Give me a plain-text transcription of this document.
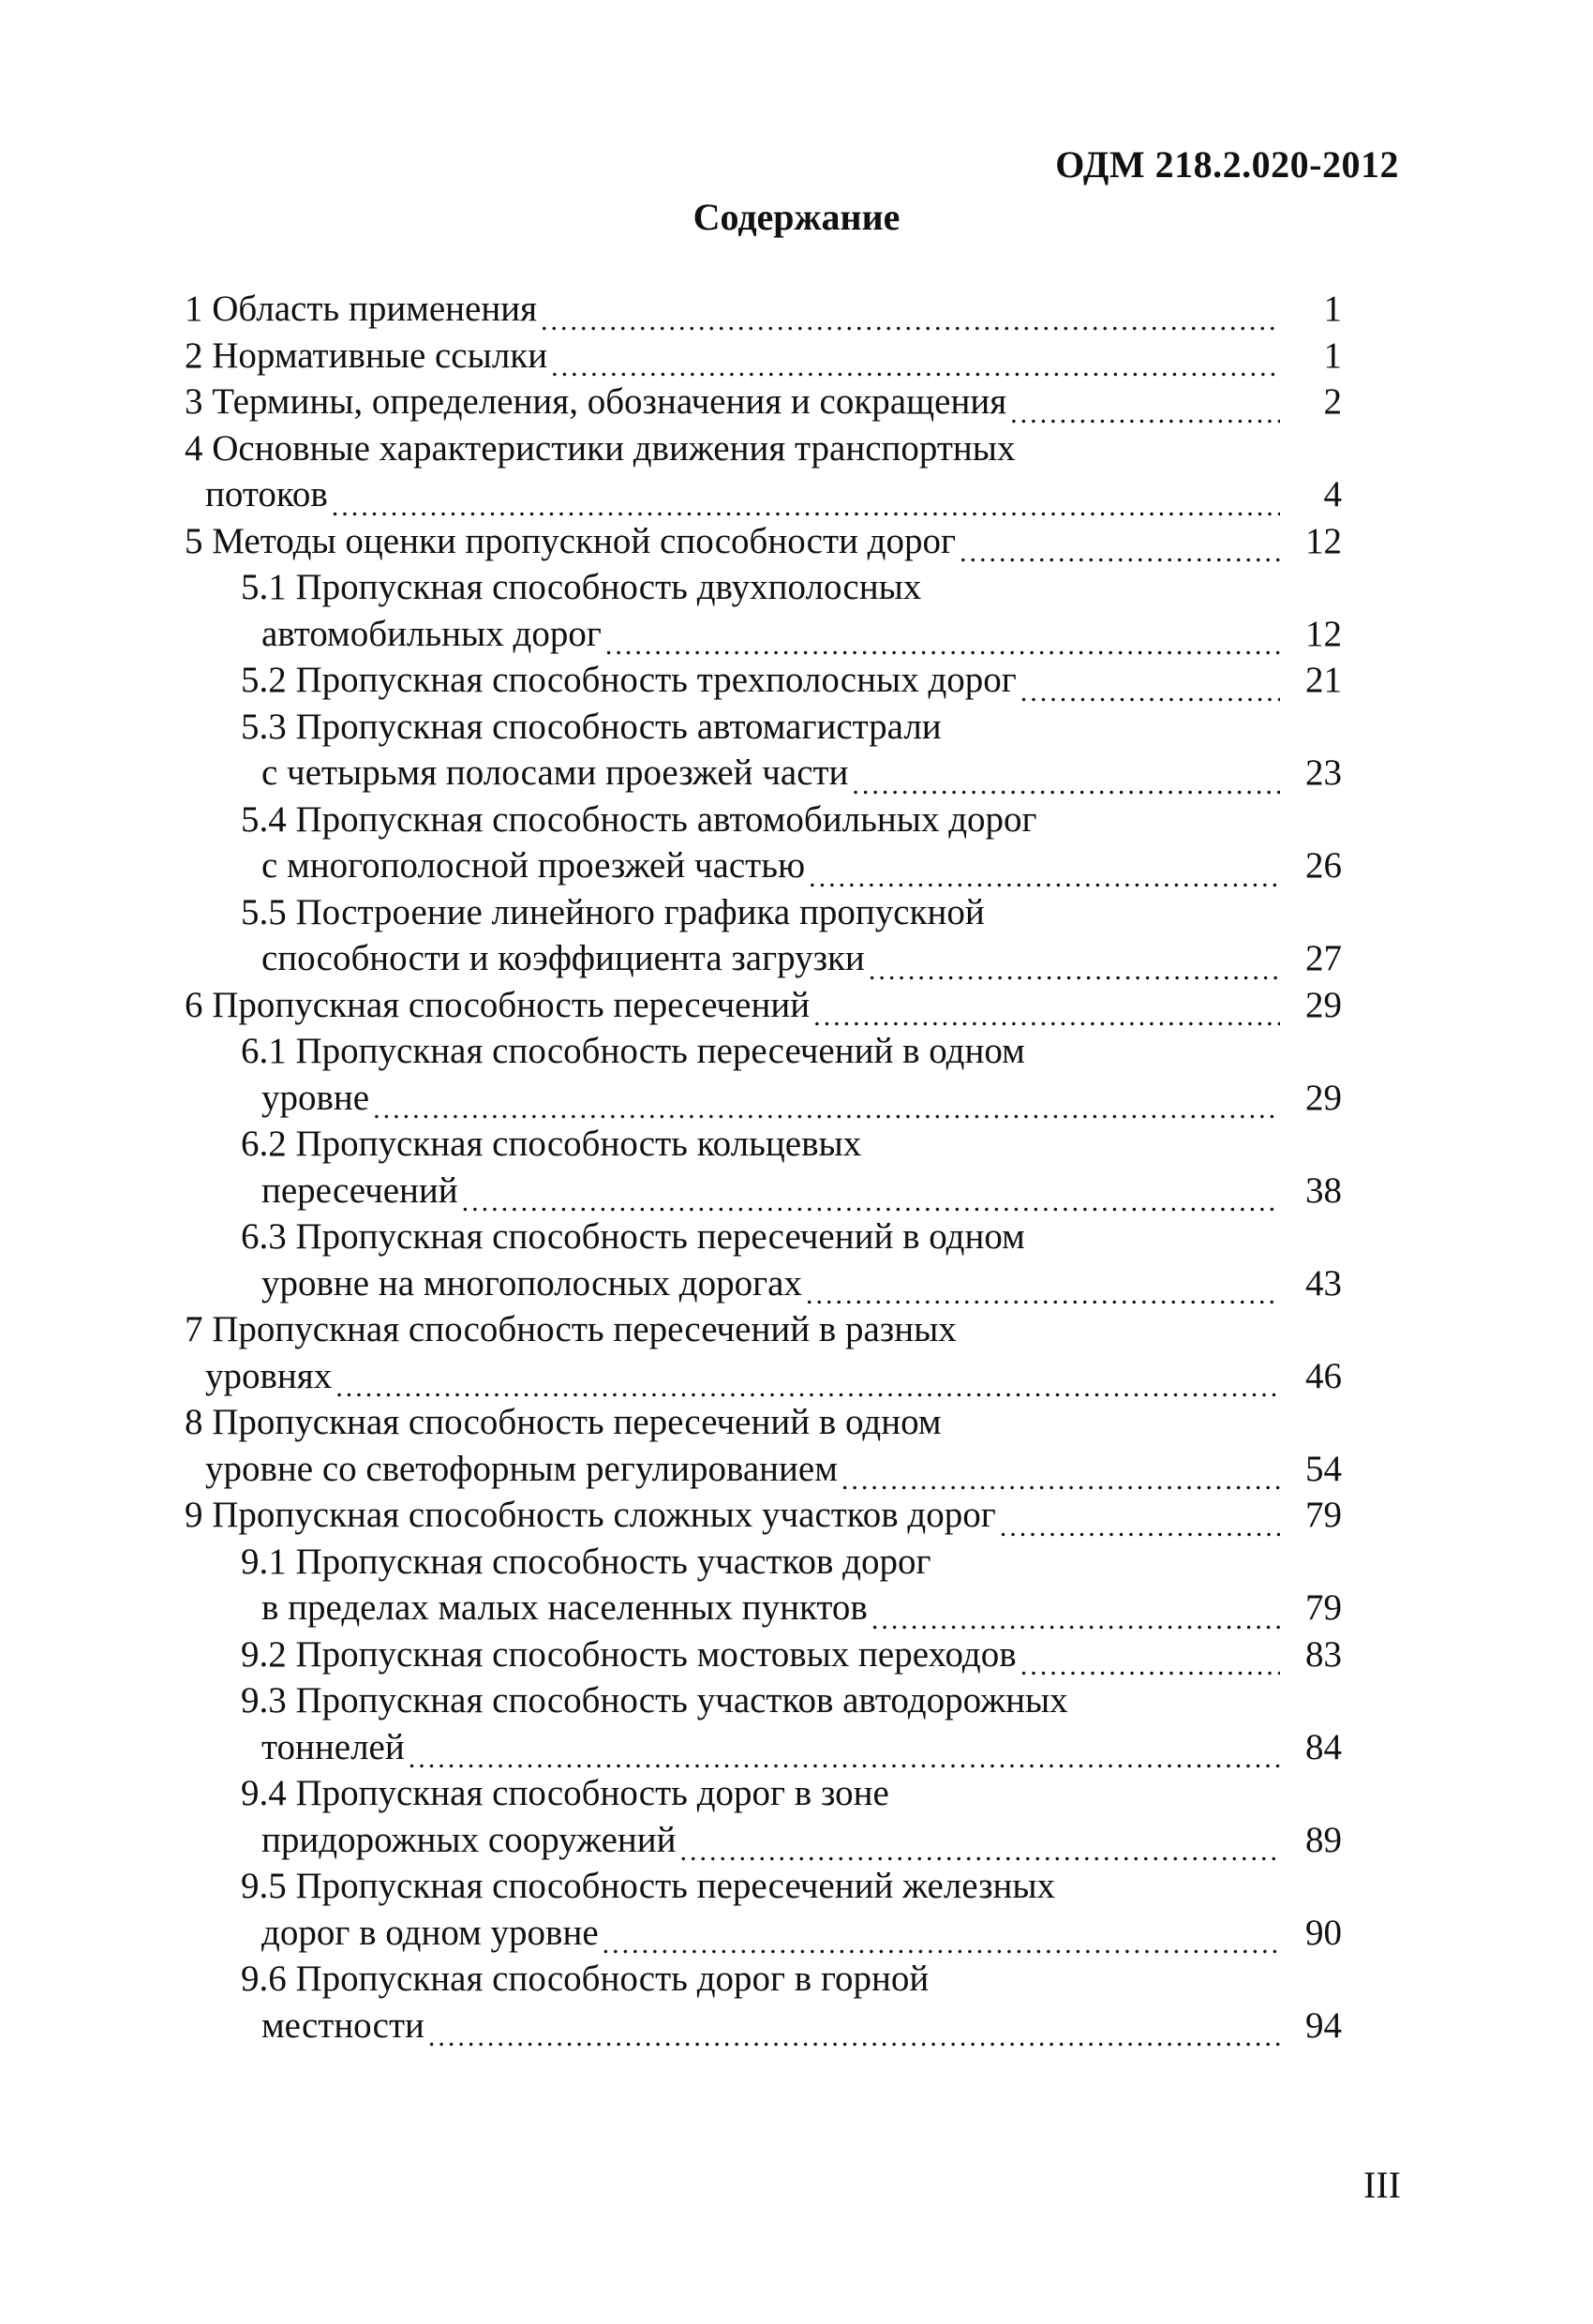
ОДМ 218.2.020-2012
Содержание
1 Область применения .....	1
2 Нормативные ссылки .....	1
3 Термины, определения, обозначения и сокращения .....	2
4 Основные характеристики движения транспортных
потоков .....	4
5 Методы оценки пропускной способности дорог .....	12
5.1 Пропускная способность двухполосных
автомобильных дорог .....	12
5.2 Пропускная способность трехполосных дорог .....	21
5.3 Пропускная способность автомагистрали
с четырьмя полосами проезжей части .....	23
5.4 Пропускная способность автомобильных дорог
с многополосной проезжей частью .....	26
5.5 Построение линейного графика пропускной
способности и коэффициента загрузки .....	27
6 Пропускная способность пересечений .....	29
6.1 Пропускная способность пересечений в одном
уровне .....	29
6.2 Пропускная способность кольцевых
пересечений .....	38
6.3 Пропускная способность пересечений в одном
уровне на многополосных дорогах .....	43
7 Пропускная способность пересечений в разных
уровнях .....	46
8 Пропускная способность пересечений в одном
уровне со светофорным регулированием .....	54
9 Пропускная способность сложных участков дорог .....	79
9.1 Пропускная способность участков дорог
в пределах малых населенных пунктов .....	79
9.2 Пропускная способность мостовых переходов .....	83
9.3 Пропускная способность участков автодорожных
тоннелей .....	84
9.4 Пропускная способность дорог в зоне
придорожных сооружений .....	89
9.5 Пропускная способность пересечений железных
дорог в одном уровне .....	90
9.6 Пропускная способность дорог в горной
местности .....	94
III
